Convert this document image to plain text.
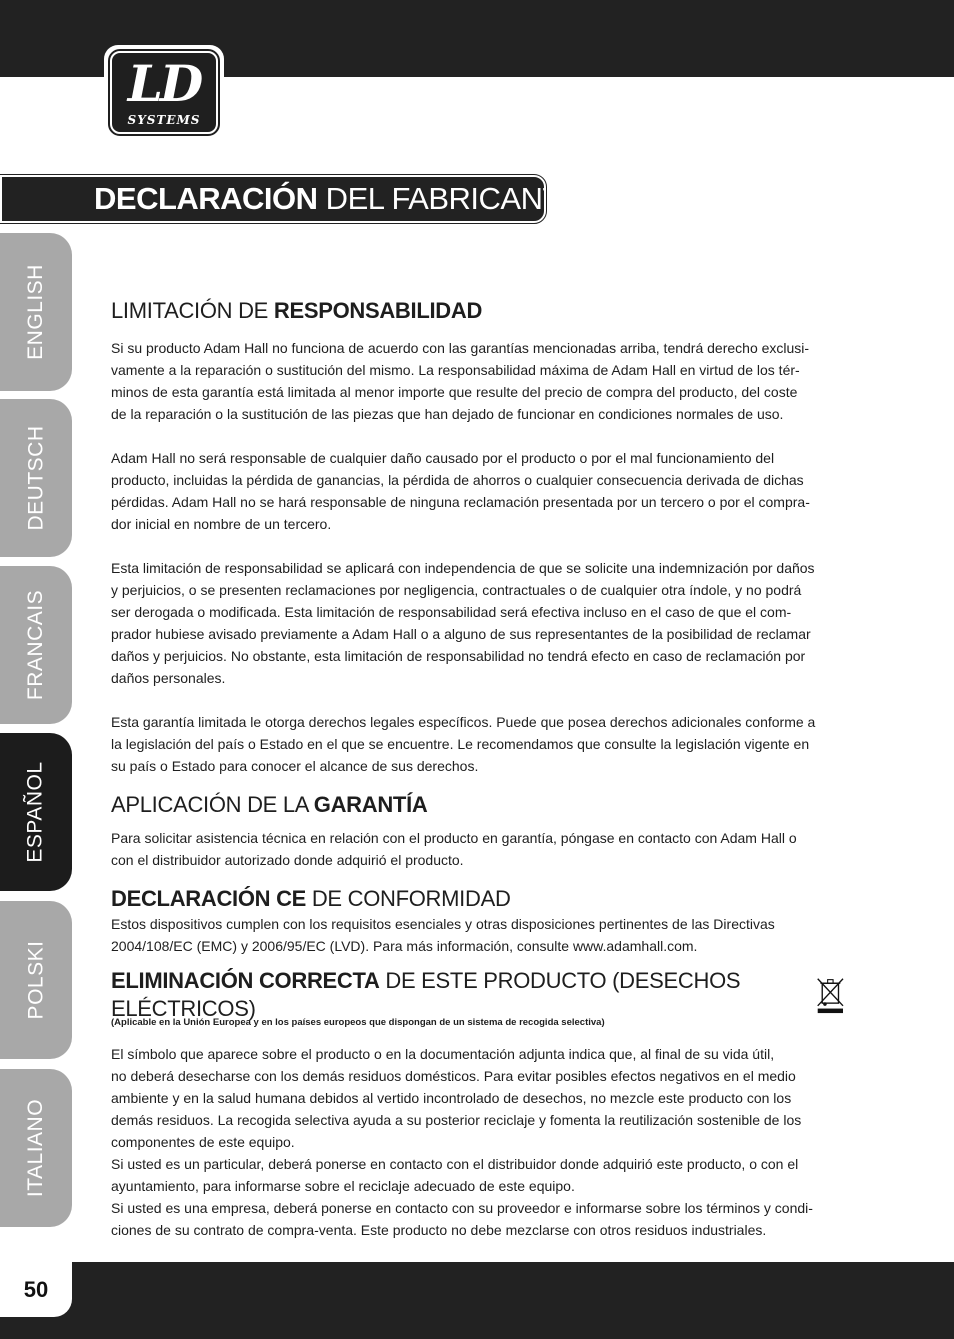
LD
SYSTEMS
DECLARACIÓN DEL FABRICANTE:
ENGLISH
DEUTSCH
FRANCAIS
ESPAÑOL
POLSKI
ITALIANO
LIMITACIÓN DE RESPONSABILIDAD

Si su producto Adam Hall no funciona de acuerdo con las garantías mencionadas arriba, tendrá derecho exclusi-
vamente a la reparación o sustitución del mismo. La responsabilidad máxima de Adam Hall en virtud de los tér-
minos de esta garantía está limitada al menor importe que resulte del precio de compra del producto, del coste
de la reparación o la sustitución de las piezas que han dejado de funcionar en condiciones normales de uso.

Adam Hall no será responsable de cualquier daño causado por el producto o por el mal funcionamiento del
producto, incluidas la pérdida de ganancias, la pérdida de ahorros o cualquier consecuencia derivada de dichas
pérdidas. Adam Hall no se hará responsable de ninguna reclamación presentada por un tercero o por el compra-
dor inicial en nombre de un tercero.

Esta limitación de responsabilidad se aplicará con independencia de que se solicite una indemnización por daños
y perjuicios, o se presenten reclamaciones por negligencia, contractuales o de cualquier otra índole, y no podrá
ser derogada o modificada. Esta limitación de responsabilidad será efectiva incluso en el caso de que el com-
prador hubiese avisado previamente a Adam Hall o a alguno de sus representantes de la posibilidad de reclamar
daños y perjuicios. No obstante, esta limitación de responsabilidad no tendrá efecto en caso de reclamación por
daños personales.

Esta garantía limitada le otorga derechos legales específicos. Puede que posea derechos adicionales conforme a
la legislación del país o Estado en el que se encuentre. Le recomendamos que consulte la legislación vigente en
su país o Estado para conocer el alcance de sus derechos.

APLICACIÓN DE LA GARANTÍA

Para solicitar asistencia técnica en relación con el producto en garantía, póngase en contacto con Adam Hall o
con el distribuidor autorizado donde adquirió el producto.

DECLARACIÓN CE DE CONFORMIDAD

Estos dispositivos cumplen con los requisitos esenciales y otras disposiciones pertinentes de las Directivas
2004/108/EC (EMC) y 2006/95/EC (LVD). Para más información, consulte www.adamhall.com.

ELIMINACIÓN CORRECTA DE ESTE PRODUCTO (DESECHOS ELÉCTRICOS)

(Aplicable en la Unión Europea y en los países europeos que dispongan de un sistema de recogida selectiva)

El símbolo que aparece sobre el producto o en la documentación adjunta indica que, al final de su vida útil,
no deberá desecharse con los demás residuos domésticos. Para evitar posibles efectos negativos en el medio
ambiente y en la salud humana debidos al vertido incontrolado de desechos, no mezcle este producto con los
demás residuos. La recogida selectiva ayuda a su posterior reciclaje y fomenta la reutilización sostenible de los
componentes de este equipo.
Si usted es un particular, deberá ponerse en contacto con el distribuidor donde adquirió este producto, o con el
ayuntamiento, para informarse sobre el reciclaje adecuado de este equipo.
Si usted es una empresa, deberá ponerse en contacto con su proveedor e informarse sobre los términos y condi-
ciones de su contrato de compra-venta. Este producto no debe mezclarse con otros residuos industriales.

50
